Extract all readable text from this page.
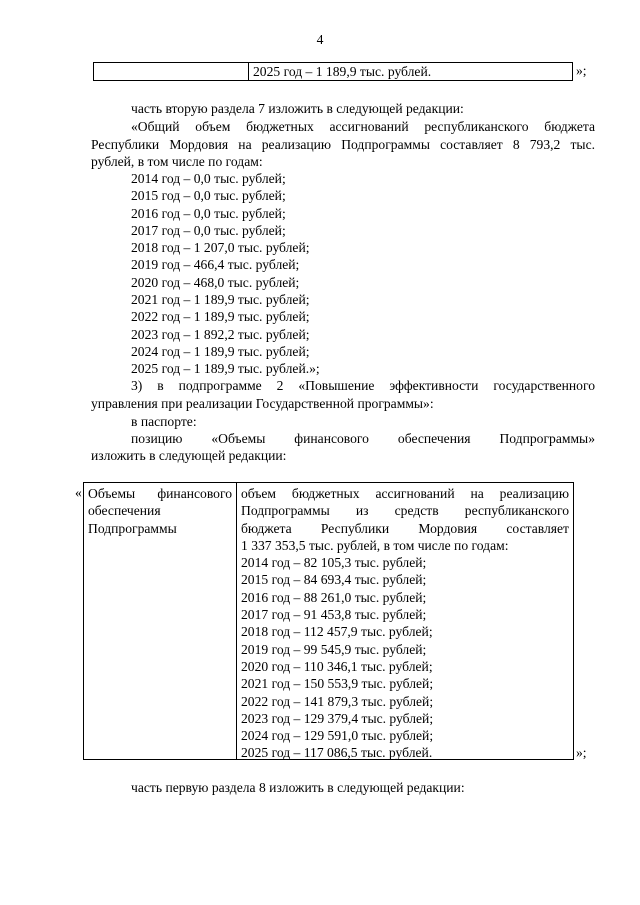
4
2025 год – 1 189,9 тыс. рублей.	»;
часть вторую раздела 7 изложить в следующей редакции:
«Общий объем бюджетных ассигнований республиканского бюджета
Республики Мордовия на реализацию Подпрограммы составляет 8 793,2 тыс.
рублей, в том числе по годам:
2014 год – 0,0 тыс. рублей;
2015 год – 0,0 тыс. рублей;
2016 год – 0,0 тыс. рублей;
2017 год – 0,0 тыс. рублей;
2018 год – 1 207,0 тыс. рублей;
2019 год – 466,4 тыс. рублей;
2020 год – 468,0 тыс. рублей;
2021 год – 1 189,9 тыс. рублей;
2022 год – 1 189,9 тыс. рублей;
2023 год – 1 892,2 тыс. рублей;
2024 год – 1 189,9 тыс. рублей;
2025 год – 1 189,9 тыс. рублей.»;
3) в подпрограмме 2 «Повышение эффективности государственного
управления при реализации Государственной программы»:
в паспорте:
позицию «Объемы финансового обеспечения Подпрограммы»
изложить в следующей редакции:
« Объемы финансового
обеспечения
Подпрограммы
объем бюджетных ассигнований на реализацию
Подпрограммы из средств республиканского
бюджета Республики Мордовия составляет
1 337 353,5 тыс. рублей, в том числе по годам:
2014 год – 82 105,3 тыс. рублей;
2015 год – 84 693,4 тыс. рублей;
2016 год – 88 261,0 тыс. рублей;
2017 год – 91 453,8 тыс. рублей;
2018 год – 112 457,9 тыс. рублей;
2019 год – 99 545,9 тыс. рублей;
2020 год – 110 346,1 тыс. рублей;
2021 год – 150 553,9 тыс. рублей;
2022 год – 141 879,3 тыс. рублей;
2023 год – 129 379,4 тыс. рублей;
2024 год – 129 591,0 тыс. рублей;
2025 год – 117 086,5 тыс. рублей.	»;
часть первую раздела 8 изложить в следующей редакции:
